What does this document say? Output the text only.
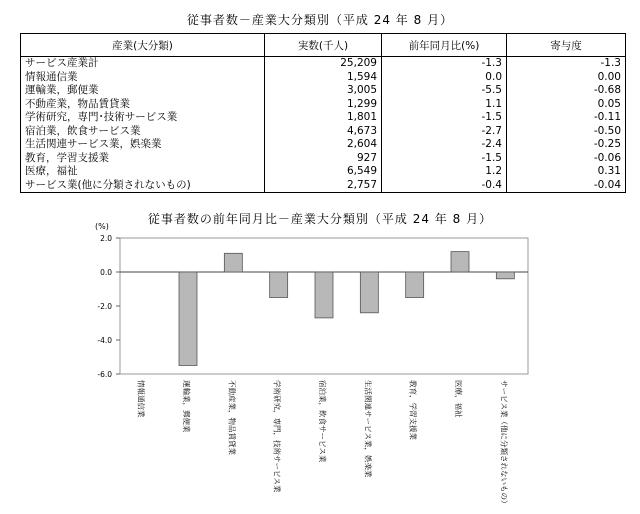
従事者数－産業大分類別（平成 24 年 8 月）
産業(大分類)	実数(千人)	前年同月比(%)	寄与度
サービス産業計	25,209	-1.3	-1.3
情報通信業	1,594	0.0	0.00
運輸業，郵便業	3,005	-5.5	-0.68
不動産業，物品賃貸業	1,299	1.1	0.05
学術研究，専門･技術サービス業	1,801	-1.5	-0.11
宿泊業，飲食サービス業	4,673	-2.7	-0.50
生活関連サービス業，娯楽業	2,604	-2.4	-0.25
教育，学習支援業	927	-1.5	-0.06
医療，福祉	6,549	1.2	0.31
サービス業(他に分類されないもの)	2,757	-0.4	-0.04
従事者数の前年同月比－産業大分類別（平成 24 年 8 月）
(%)
2.0
0.0
-2.0
-4.0
-6.0
情報通信業	運輸業，郵便業	不動産業，物品賃貸業	学術研究，専門，技術サービス業	宿泊業，飲食サービス業	生活関連サービス業，娯楽業	教育，学習支援業	医療，福祉	サービス業（他に分類されないもの）
